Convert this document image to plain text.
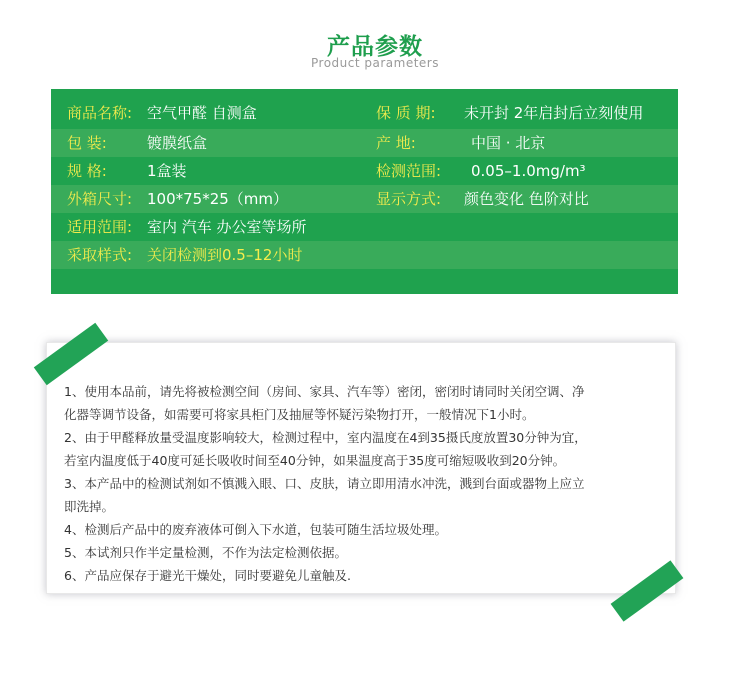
产品参数
Product parameters
商品名称: 空气甲醛 自测盒	保 质 期: 未开封 2年启封后立刻使用
包 装:	镀膜纸盒	产 地:	中国 · 北京
规 格:	1盒装	检测范围: 0.05–1.0mg/m³
外箱尺寸: 100*75*25（mm）	显示方式: 颜色变化 色阶对比
适用范围: 室内 汽车 办公室等场所
采取样式: 关闭检测到0.5–12小时
1、使用本品前，请先将被检测空间（房间、家具、汽车等）密闭，密闭时请同时关闭空调、净
化器等调节设备，如需要可将家具柜门及抽屉等怀疑污染物打开，一般情况下1小时。
2、由于甲醛释放量受温度影响较大，检测过程中，室内温度在4到35摄氏度放置30分钟为宜，
若室内温度低于40度可延长吸收时间至40分钟，如果温度高于35度可缩短吸收到20分钟。
3、本产品中的检测试剂如不慎溅入眼、口、皮肤，请立即用清水冲洗，溅到台面或器物上应立
即洗掉。
4、检测后产品中的废弃液体可倒入下水道，包装可随生活垃圾处理。
5、本试剂只作半定量检测，不作为法定检测依据。
6、产品应保存于避光干燥处，同时要避免儿童触及.
